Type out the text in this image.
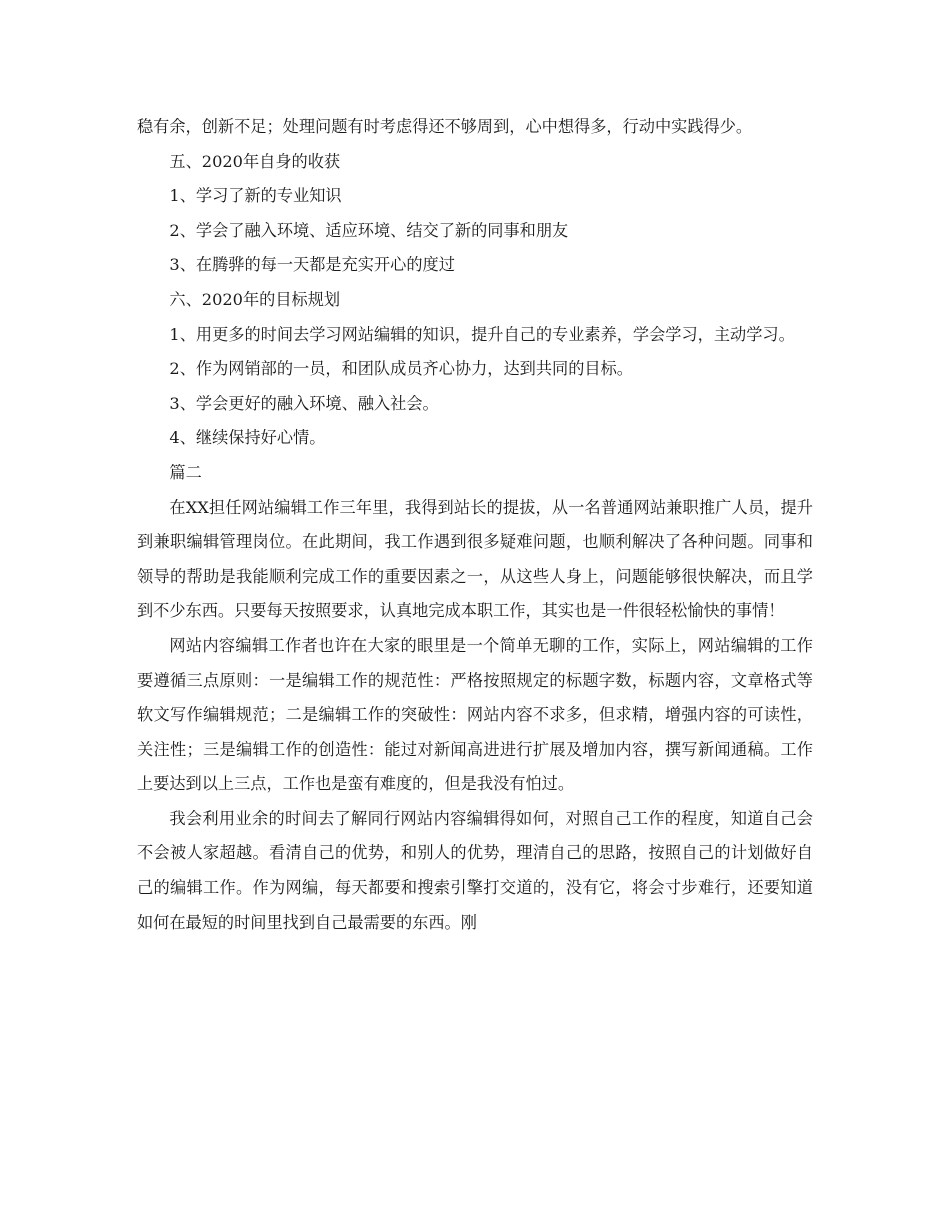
稳有余，创新不足；处理问题有时考虑得还不够周到，心中想得多，行动中实践得少。

五、2020年自身的收获

1、学习了新的专业知识

2、学会了融入环境、适应环境、结交了新的同事和朋友

3、在腾骅的每一天都是充实开心的度过

六、2020年的目标规划

1、用更多的时间去学习网站编辑的知识，提升自己的专业素养，学会学习，主动学习。

2、作为网销部的一员，和团队成员齐心协力，达到共同的目标。

3、学会更好的融入环境、融入社会。

4、继续保持好心情。

篇二

在XX担任网站编辑工作三年里，我得到站长的提拔，从一名普通网站兼职推广人员，提升到兼职编辑管理岗位。在此期间，我工作遇到很多疑难问题，也顺利解决了各种问题。同事和领导的帮助是我能顺利完成工作的重要因素之一，从这些人身上，问题能够很快解决，而且学到不少东西。只要每天按照要求，认真地完成本职工作，其实也是一件很轻松愉快的事情！

网站内容编辑工作者也许在大家的眼里是一个简单无聊的工作，实际上，网站编辑的工作要遵循三点原则：一是编辑工作的规范性：严格按照规定的标题字数，标题内容，文章格式等软文写作编辑规范；二是编辑工作的突破性：网站内容不求多，但求精，增强内容的可读性，关注性；三是编辑工作的创造性：能过对新闻高进进行扩展及增加内容，撰写新闻通稿。工作上要达到以上三点，工作也是蛮有难度的，但是我没有怕过。

我会利用业余的时间去了解同行网站内容编辑得如何，对照自己工作的程度，知道自己会不会被人家超越。看清自己的优势，和别人的优势，理清自己的思路，按照自己的计划做好自己的编辑工作。作为网编，每天都要和搜索引擎打交道的，没有它，将会寸步难行，还要知道如何在最短的时间里找到自己最需要的东西。刚
